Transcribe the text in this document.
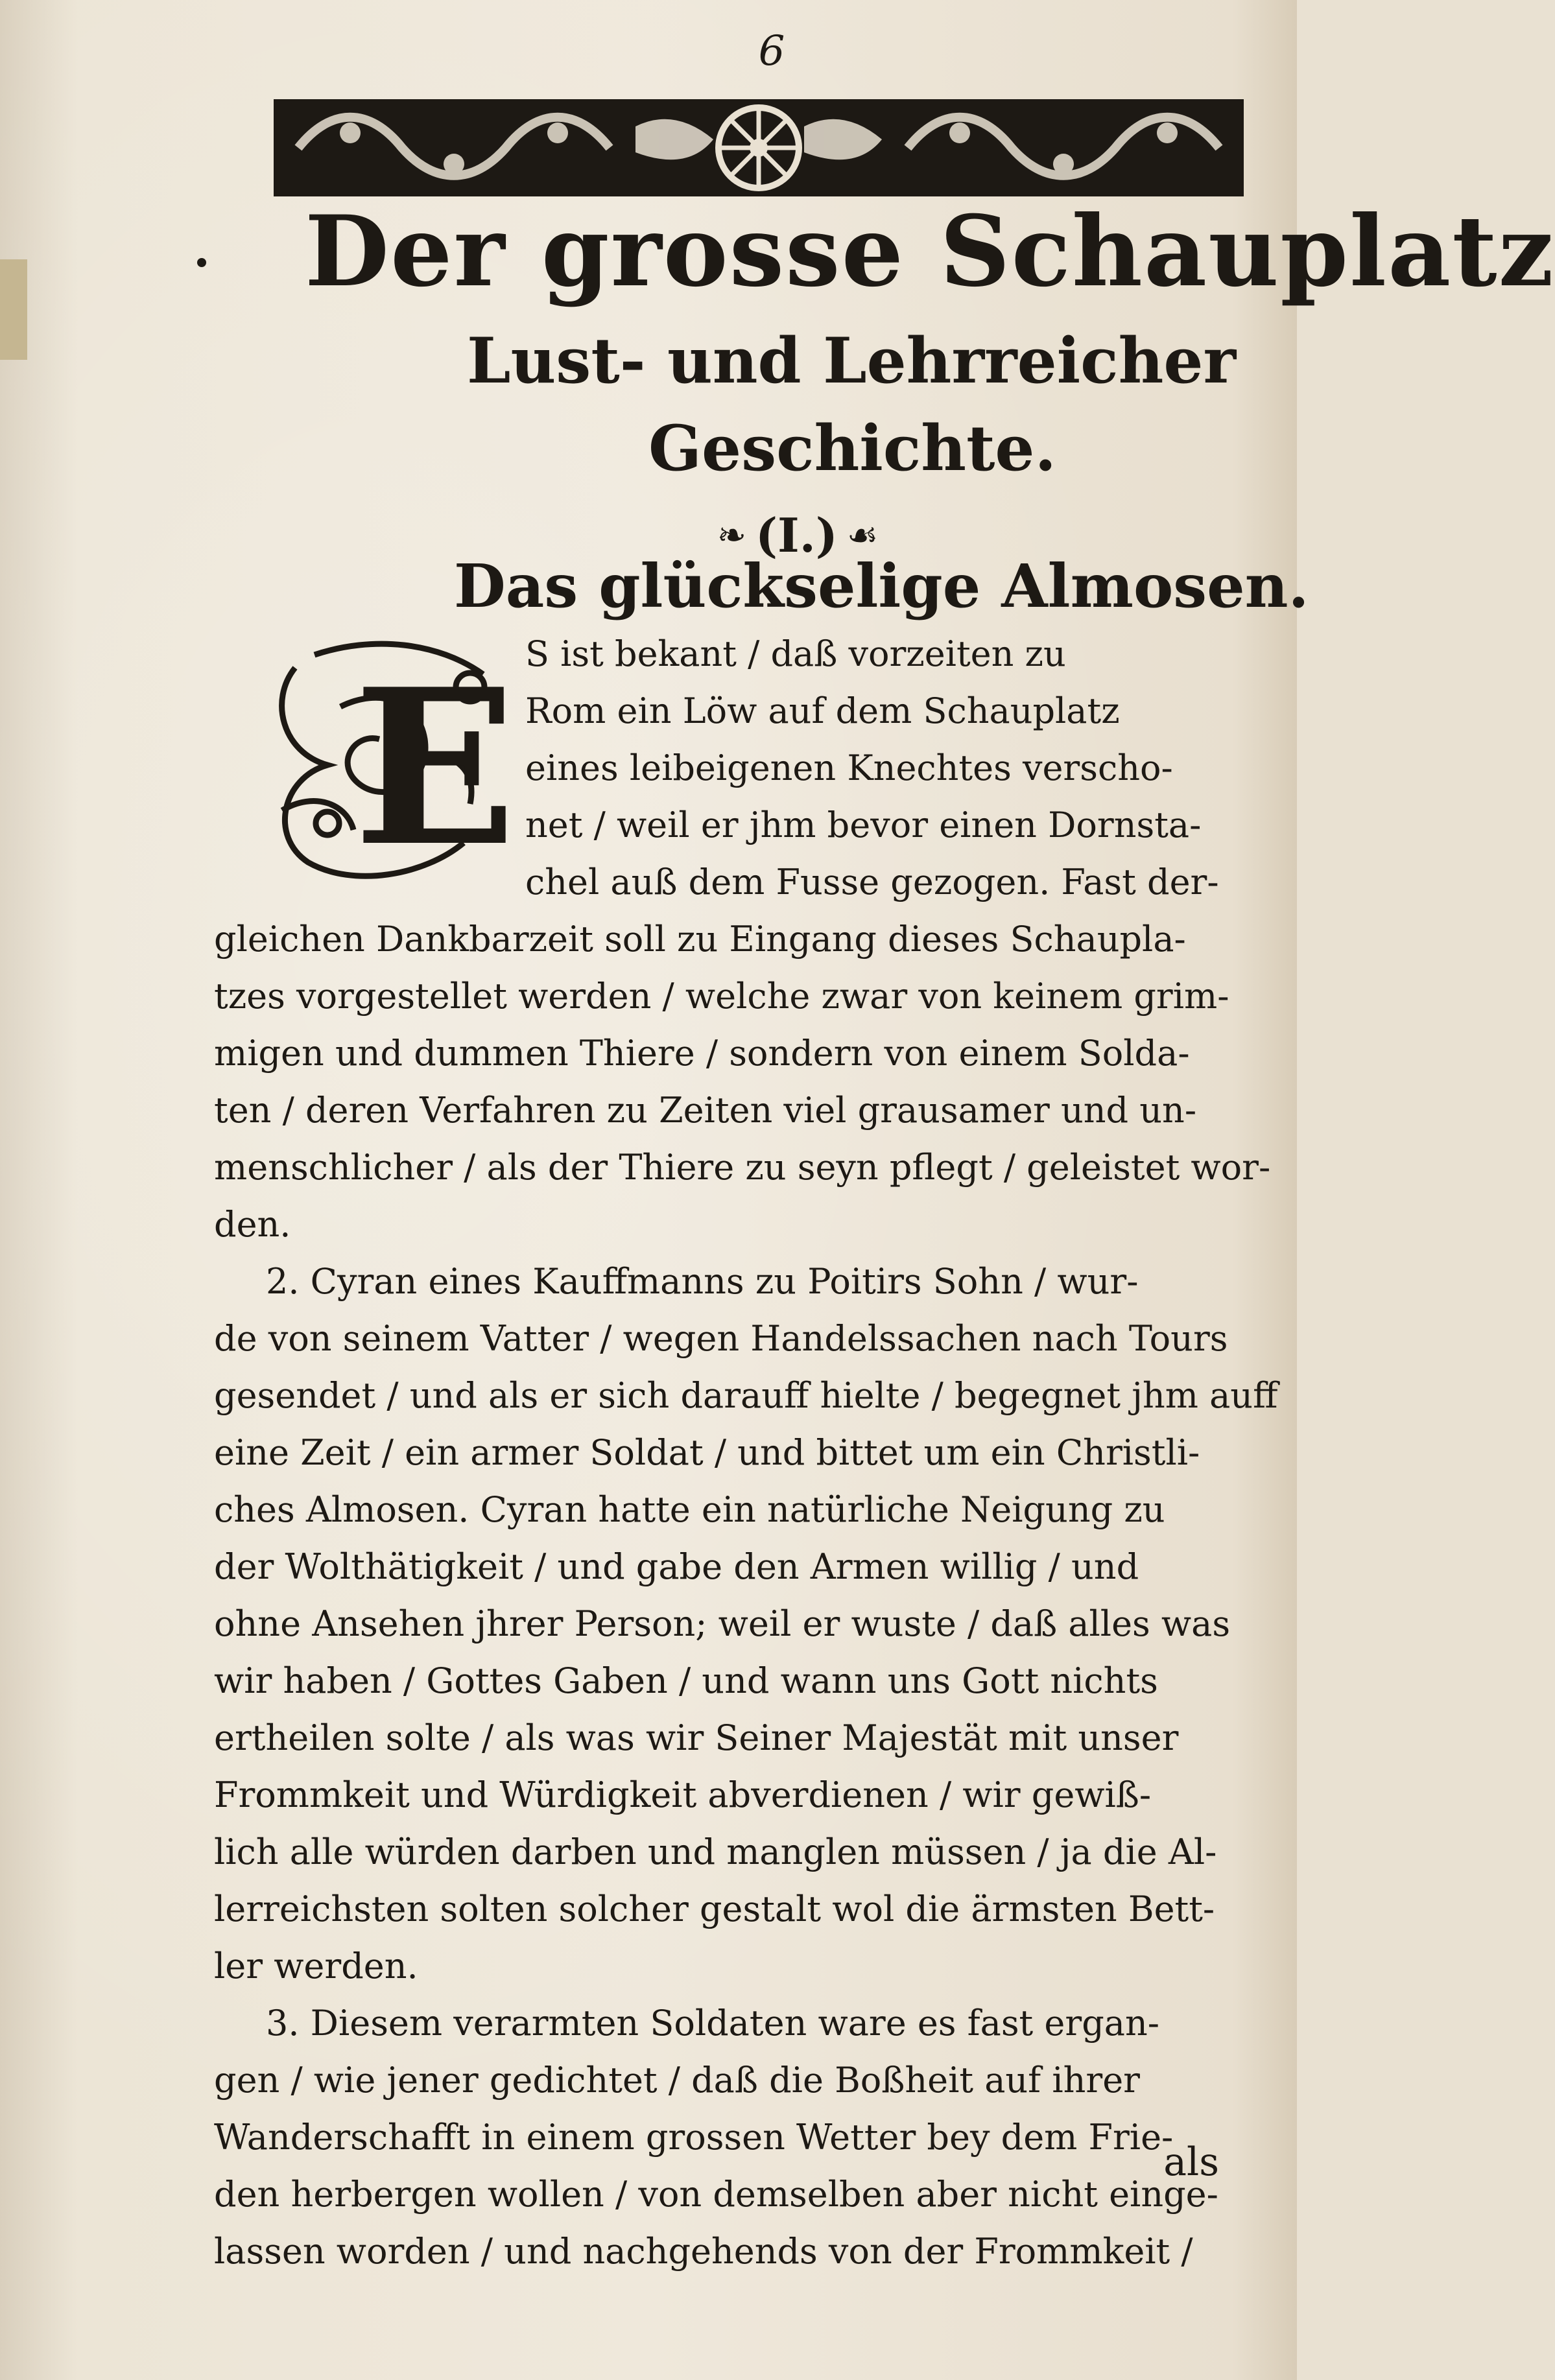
6
Der grosse Schauplatz
Lust- und Lehrreicher
Geschichte.
❧ (I.) ☙
Das glückselige Almosen.
E S ist bekant / daß vorzeiten zu
Rom ein Löw auf dem Schauplatz
eines leibeigenen Knechtes verscho-
net / weil er jhm bevor einen Dornsta-
chel auß dem Fusse gezogen. Fast der-
gleichen Dankbarzeit soll zu Eingang dieses Schaupla-
tzes vorgestellet werden / welche zwar von keinem grim-
migen und dummen Thiere / sondern von einem Solda-
ten / deren Verfahren zu Zeiten viel grausamer und un-
menschlicher / als der Thiere zu seyn pflegt / geleistet wor-
den.
2. Cyran eines Kauffmanns zu Poitirs Sohn / wur-
de von seinem Vatter / wegen Handelssachen nach Tours
gesendet / und als er sich darauff hielte / begegnet jhm auff
eine Zeit / ein armer Soldat / und bittet um ein Christli-
ches Almosen. Cyran hatte ein natürliche Neigung zu
der Wolthätigkeit / und gabe den Armen willig / und
ohne Ansehen jhrer Person; weil er wuste / daß alles was
wir haben / Gottes Gaben / und wann uns Gott nichts
ertheilen solte / als was wir Seiner Majestät mit unser
Frommkeit und Würdigkeit abverdienen / wir gewiß-
lich alle würden darben und manglen müssen / ja die Al-
lerreichsten solten solcher gestalt wol die ärmsten Bett-
ler werden.
3. Diesem verarmten Soldaten ware es fast ergan-
gen / wie jener gedichtet / daß die Boßheit auf ihrer
Wanderschafft in einem grossen Wetter bey dem Frie-
den herbergen wollen / von demselben aber nicht einge-
lassen worden / und nachgehends von der Frommkeit /
als
